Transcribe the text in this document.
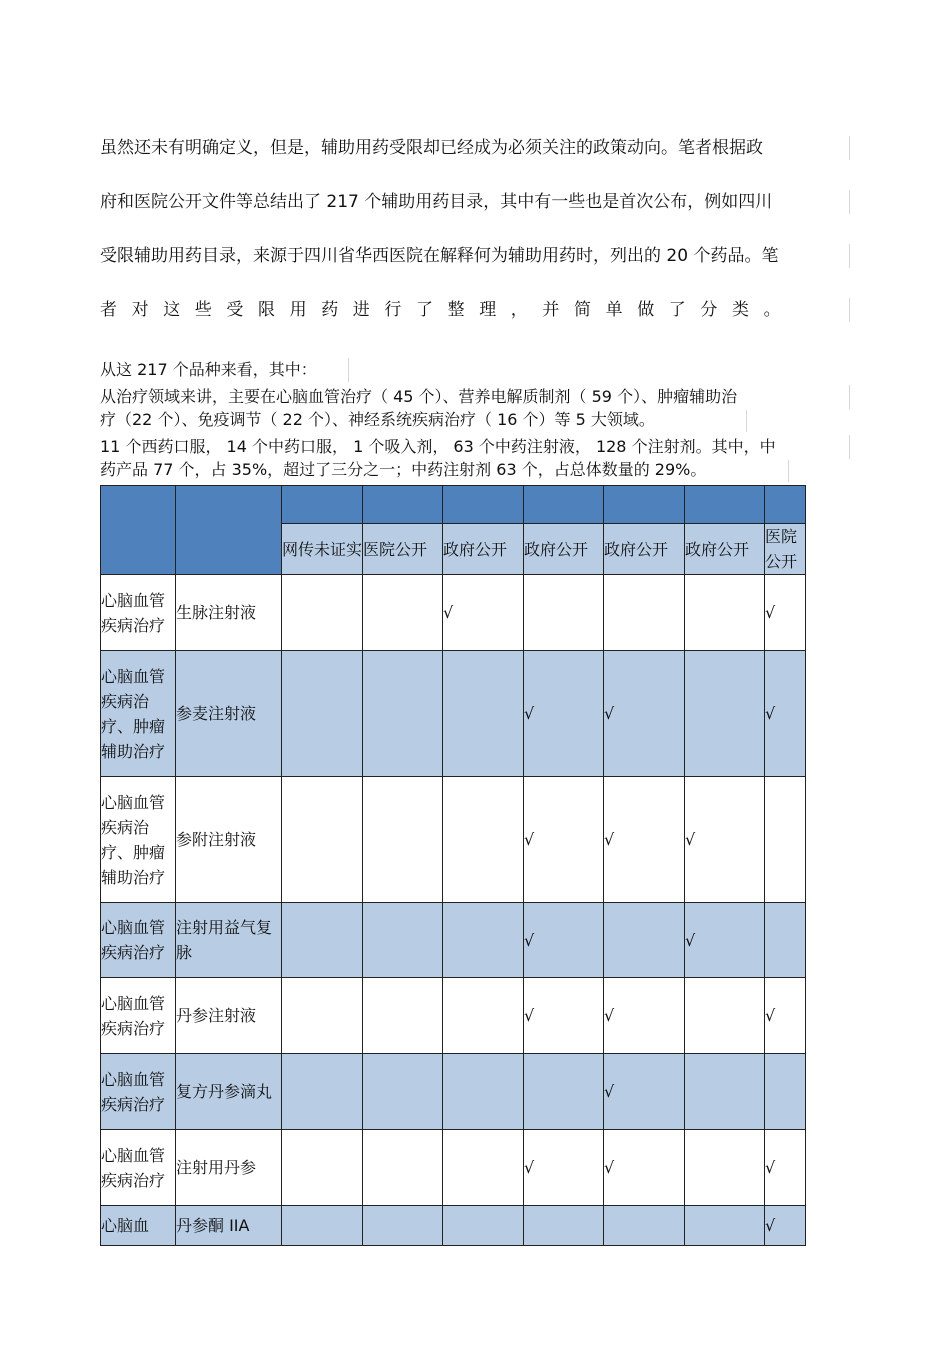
虽然还未有明确定义，但是，辅助用药受限却已经成为必须关注的政策动向。笔者根据政
府和医院公开文件等总结出了 217 个辅助用药目录，其中有一些也是首次公布，例如四川
受限辅助用药目录，来源于四川省华西医院在解释何为辅助用药时，列出的 20 个药品。笔
者对这些受限用药进行了整理，并简单做了分类。
从这 217 个品种来看，其中：
从治疗领域来讲，主要在心脑血管治疗（ 45 个）、营养电解质制剂（ 59 个）、肿瘤辅助治
疗（22 个）、免疫调节（ 22 个）、神经系统疾病治疗（ 16 个）等 5 大领域。
11 个西药口服， 14 个中药口服， 1 个吸入剂， 63 个中药注射液， 128 个注射剂。其中，中
药产品 77 个，占 35%，超过了三分之一；中药注射剂 63 个，占总体数量的 29%。

		网传未证实	医院公开	政府公开	政府公开	政府公开	政府公开	医院公开
心脑血管疾病治疗	生脉注射液			√				√
心脑血管疾病治疗、肿瘤辅助治疗	参麦注射液				√	√		√
心脑血管疾病治疗、肿瘤辅助治疗	参附注射液				√	√	√	
心脑血管疾病治疗	注射用益气复脉				√		√	
心脑血管疾病治疗	丹参注射液				√	√		√
心脑血管疾病治疗	复方丹参滴丸					√		
心脑血管疾病治疗	注射用丹参				√	√		√
心脑血	丹参酮 IIA							√
